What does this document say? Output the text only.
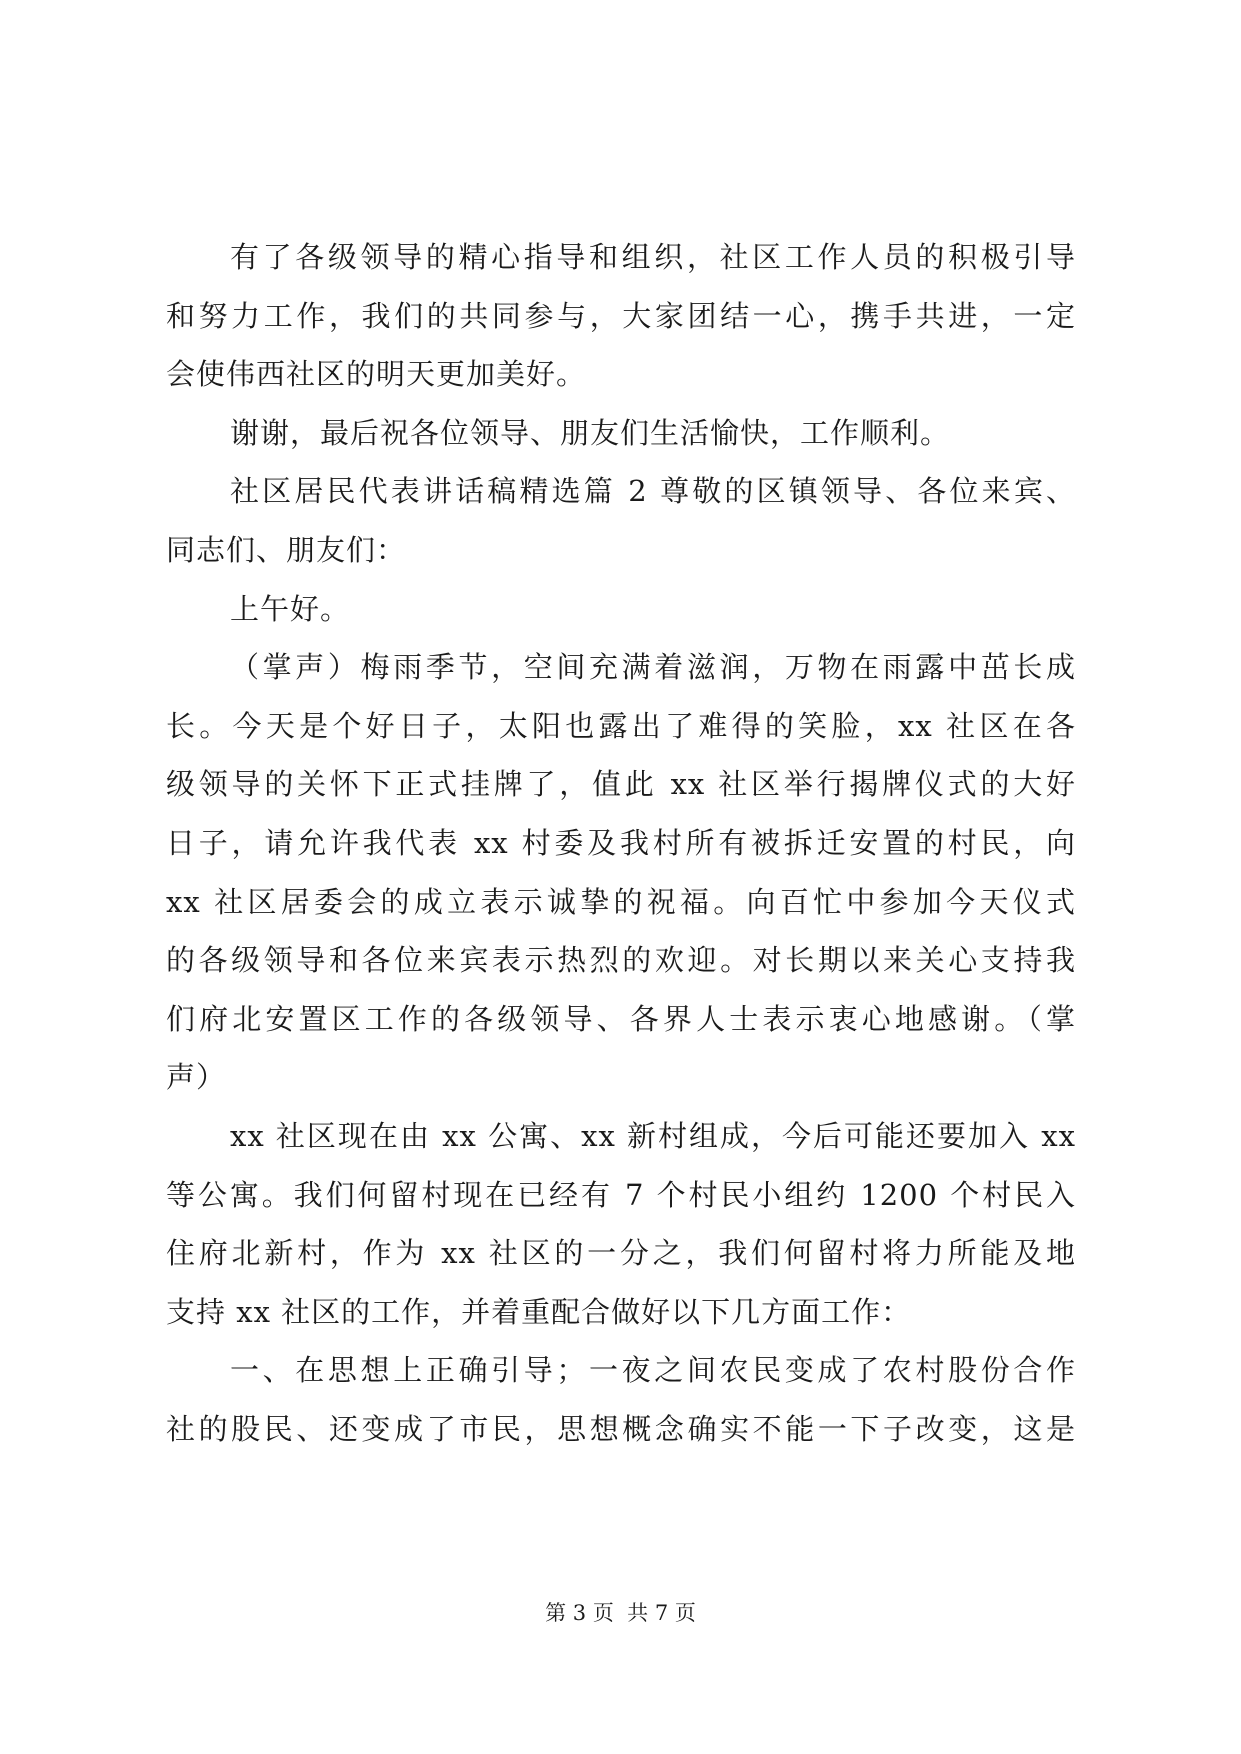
有了各级领导的精心指导和组织，社区工作人员的积极引导
和努力工作，我们的共同参与，大家团结一心，携手共进，一定
会使伟西社区的明天更加美好。
谢谢，最后祝各位领导、朋友们生活愉快，工作顺利。
社区居民代表讲话稿精选篇 2 尊敬的区镇领导、各位来宾、
同志们、朋友们：
上午好。
（掌声）梅雨季节，空间充满着滋润，万物在雨露中茁长成
长。今天是个好日子，太阳也露出了难得的笑脸，xx 社区在各
级领导的关怀下正式挂牌了，值此 xx 社区举行揭牌仪式的大好
日子，请允许我代表 xx 村委及我村所有被拆迁安置的村民，向
xx 社区居委会的成立表示诚挚的祝福。向百忙中参加今天仪式
的各级领导和各位来宾表示热烈的欢迎。对长期以来关心支持我
们府北安置区工作的各级领导、各界人士表示衷心地感谢。（掌
声）
xx 社区现在由 xx 公寓、xx 新村组成，今后可能还要加入 xx
等公寓。我们何留村现在已经有 7 个村民小组约 1200 个村民入
住府北新村，作为 xx 社区的一分之，我们何留村将力所能及地
支持 xx 社区的工作，并着重配合做好以下几方面工作：
一、在思想上正确引导；一夜之间农民变成了农村股份合作
社的股民、还变成了市民，思想概念确实不能一下子改变，这是
第 3 页  共 7 页
